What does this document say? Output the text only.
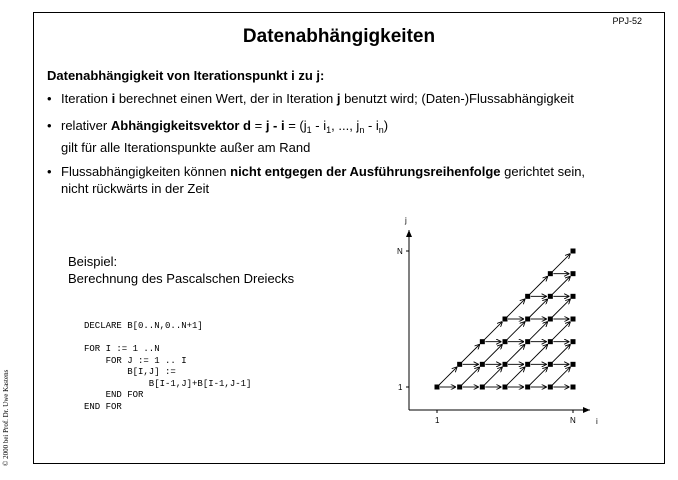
PPJ-52
Datenabhängigkeiten
Datenabhängigkeit von Iterationspunkt i zu j:
• Iteration i berechnet einen Wert, der in Iteration j benutzt wird; (Daten-)Flussabhängigkeit
• relativer Abhängigkeitsvektor $d = j - i = (j_1 - i_1$, ..., $j_n - i_n$)
gilt für alle Iterationspunkte außer am Rand
• Flussabhängigkeiten können nicht entgegen der Ausführungsreihenfolge gerichtet sein,
nicht rückwärts in der Zeit
Beispiel:
Berechnung des Pascalschen Dreiecks
DECLARE B[0..N,0..N+1]
FOR I := 1 ..N
FOR J := 1 .. I
B[I,J] :=
B[I-1,J]+B[I-1,J-1]
END FOR
END FOR
© 2000 bei Prof. Dr. Uwe Kastens	i
j
1	N
1
N
